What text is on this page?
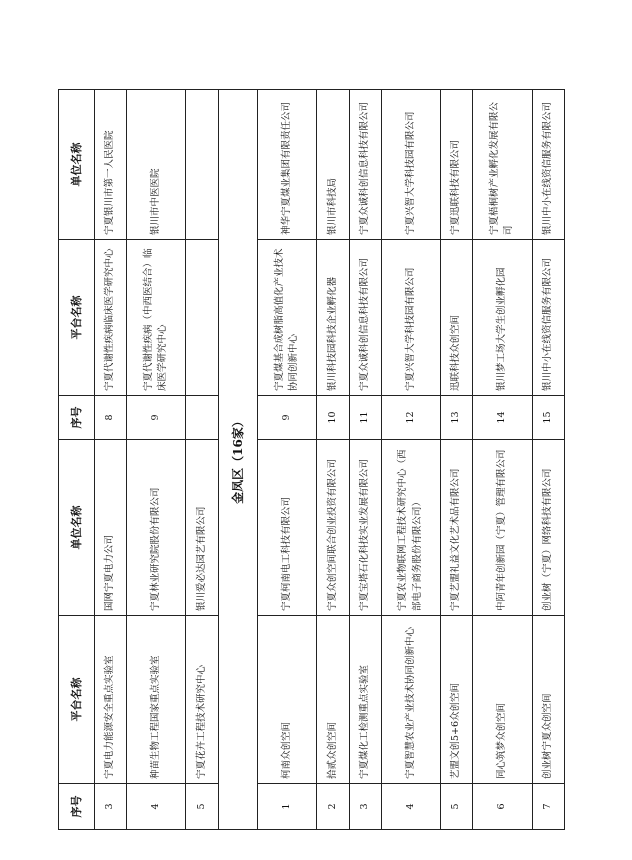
序号	平台名称	单位名称	序号	平台名称	单位名称
3	宁夏电力能源安全重点实验室	国网宁夏电力公司	8	宁夏代谢性疾病临床医学研究中心	宁夏银川市第一人民医院
4	种苗生物工程国家重点实验室	宁夏林业研究院股份有限公司	9	宁夏代谢性疾病（中西医结合）临床医学研究中心	银川市中医医院
5	宁夏花卉工程技术研究中心	银川爱必达园艺有限公司			
金凤区（16家）					
1	柯南众创空间	宁夏柯南电工科技有限公司	9	宁夏煤基合成树脂高值化产业技术协同创新中心	神华宁夏煤业集团有限责任公司
2	拾贰众创空间	宁夏众创空间联合创业投资有限公司	10	银川科技园科技企业孵化器	银川市科技局
3	宁夏煤化工检测重点实验室	宁夏宝塔石化科技实业发展有限公司	11	宁夏众诚科创信息科技有限公司	宁夏众诚科创信息科技有限公司
4	宁夏智慧农业产业技术协同创新中心	宁夏农业物联网工程技术研究中心（西部电子商务股份有限公司）	12	宁夏兴智大学科技园有限公司	宁夏兴智大学科技园有限公司
5	艺盟文创5+6众创空间	宁夏艺盟礼益文化艺术品有限公司	13	迅联科技众创空间	宁夏迅联科技有限公司
6	同心筑梦众创空间	中阿青年创新园（宁夏）管理有限公司	14	银川梦工场大学生创业孵化园	宁夏梧桐树产业孵化发展有限公司
7	创业树宁夏众创空间	创业树（宁夏）网络科技有限公司	15	银川中小在线资信服务有限公司	银川中小在线资信服务有限公司
